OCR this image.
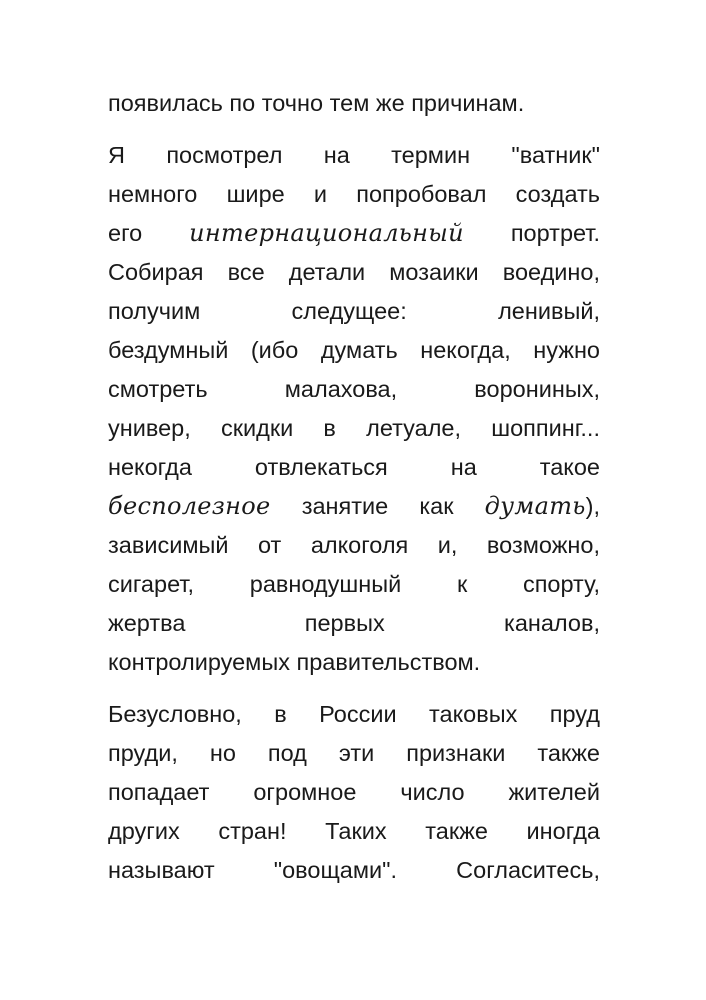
появилась по точно тем же причинам.
Я посмотрел на термин "ватник"
немного шире и попробовал создать
его интернациональный портрет.
Собирая все детали мозаики воедино,
получим следущее: ленивый,
бездумный (ибо думать некогда, нужно
смотреть малахова, ворониных,
универ, скидки в летуале, шоппинг...
некогда отвлекаться на такое
бесполезное занятие как думать),
зависимый от алкоголя и, возможно,
сигарет, равнодушный к спорту,
жертва первых каналов,
контролируемых правительством.
Безусловно, в России таковых пруд
пруди, но под эти признаки также
попадает огромное число жителей
других стран! Таких также иногда
называют "овощами". Согласитесь,
